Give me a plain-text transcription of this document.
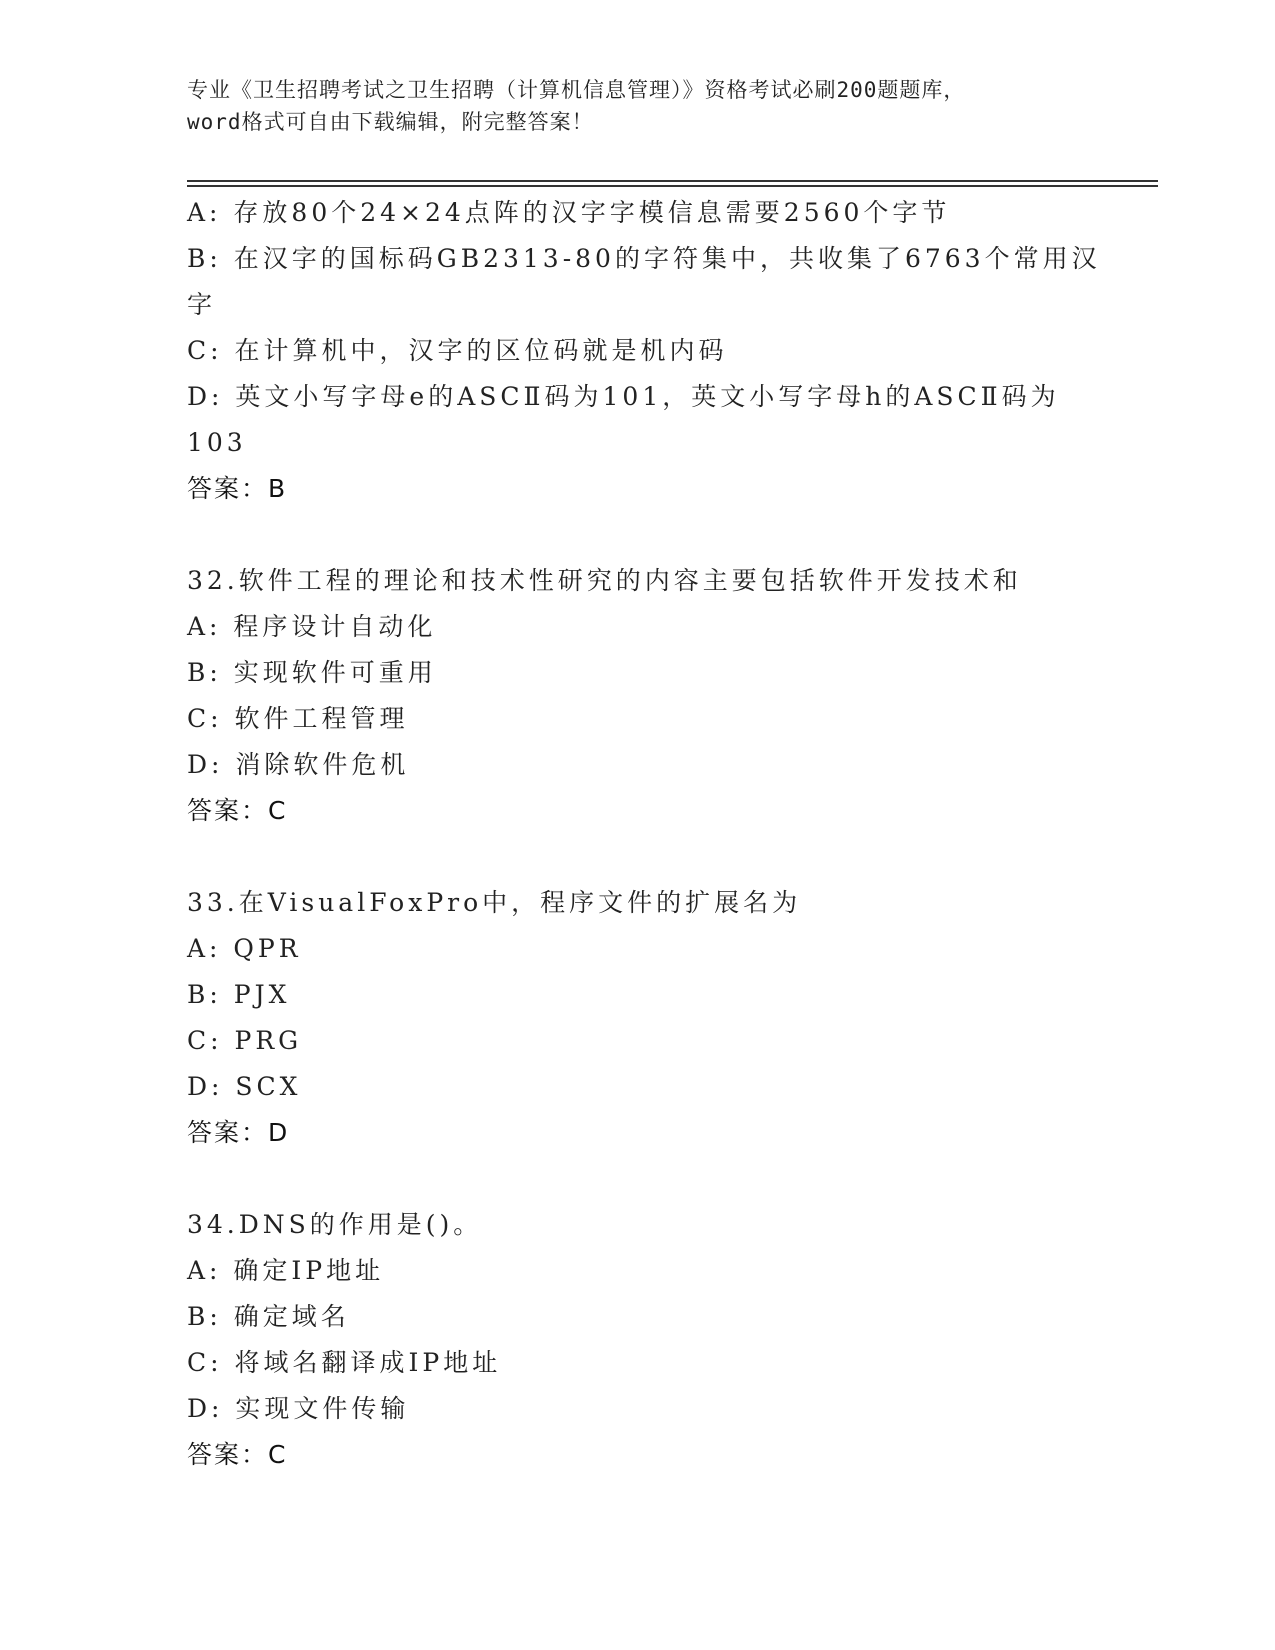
专业《卫生招聘考试之卫生招聘（计算机信息管理）》资格考试必刷200题题库，
word格式可自由下载编辑，附完整答案！
A: 存放80个24×24点阵的汉字字模信息需要2560个字节
B: 在汉字的国标码GB2313-80的字符集中，共收集了6763个常用汉
字
C: 在计算机中，汉字的区位码就是机内码
D: 英文小写字母e的ASCⅡ码为101，英文小写字母h的ASCⅡ码为
103
答案：B
32.软件工程的理论和技术性研究的内容主要包括软件开发技术和
A: 程序设计自动化
B: 实现软件可重用
C: 软件工程管理
D: 消除软件危机
答案：C
33.在VisualFoxPro中，程序文件的扩展名为
A: QPR
B: PJX
C: PRG
D: SCX
答案：D
34.DNS的作用是()。
A: 确定IP地址
B: 确定域名
C: 将域名翻译成IP地址
D: 实现文件传输
答案：C
